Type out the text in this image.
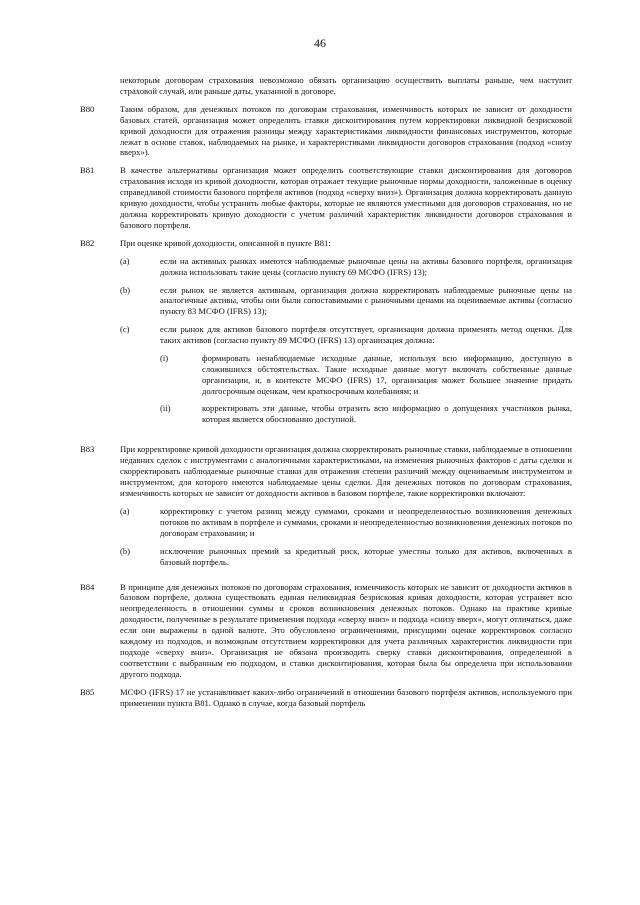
46
некоторым договорам страхования невозможно обязать организацию осуществить выплаты раньше, чем наступит страховой случай, или раньше даты, указанной в договоре.
B80	Таким образом, для денежных потоков по договорам страхования, изменчивость которых не зависит от доходности базовых статей, организация может определить ставки дисконтирования путем корректировки ликвидной безрисковой кривой доходности для отражения разницы между характеристиками ликвидности финансовых инструментов, которые лежат в основе ставок, наблюдаемых на рынке, и характеристиками ликвидности договоров страхования (подход «снизу вверх»).
B81	В качестве альтернативы организация может определить соответствующие ставки дисконтирования для договоров страхования исходя из кривой доходности, которая отражает текущие рыночные нормы доходности, заложенные в оценку справедливой стоимости базового портфеля активов (подход «сверху вниз»). Организация должна корректировать данную кривую доходности, чтобы устранить любые факторы, которые не являются уместными для договоров страхования, но не должна корректировать кривую доходности с учетом различий характеристик ликвидности договоров страхования и базового портфеля.
B82	При оценке кривой доходности, описанной в пункте B81:
(a)	если на активных рынках имеются наблюдаемые рыночные цены на активы базового портфеля, организация должна использовать такие цены (согласно пункту 69 МСФО (IFRS) 13);
(b)	если рынок не является активным, организация должна корректировать наблюдаемые рыночные цены на аналогичные активы, чтобы они были сопоставимыми с рыночными ценами на оцениваемые активы (согласно пункту 83 МСФО (IFRS) 13);
(c)	если рынок для активов базового портфеля отсутствует, организация должна применять метод оценки. Для таких активов (согласно пункту 89 МСФО (IFRS) 13) организация должна:
(i)	формировать ненаблюдаемые исходные данные, используя всю информацию, доступную в сложившихся обстоятельствах. Такие исходные данные могут включать собственные данные организации, и, в контексте МСФО (IFRS) 17, организация может большее значение придать долгосрочным оценкам, чем краткосрочным колебаниям; и
(ii)	корректировать эти данные, чтобы отразить всю информацию о допущениях участников рынка, которая является обоснованно доступной.
B83	При корректировке кривой доходности организация должна скорректировать рыночные ставки, наблюдаемые в отношении недавних сделок с инструментами с аналогичными характеристиками, на изменения рыночных факторов с даты сделки и скорректировать наблюдаемые рыночные ставки для отражения степени различий между оцениваемым инструментом и инструментом, для которого имеются наблюдаемые цены сделки. Для денежных потоков по договорам страхования, изменчивость которых не зависит от доходности активов в базовом портфеле, такие корректировки включают:
(a)	корректировку с учетом разниц между суммами, сроками и неопределенностью возникновения денежных потоков по активам в портфеле и суммами, сроками и неопределенностью возникновения денежных потоков по договорам страхования; и
(b)	исключение рыночных премий за кредитный риск, которые уместны только для активов, включенных в базовый портфель.
B84	В принципе для денежных потоков по договорам страхования, изменчивость которых не зависит от доходности активов в базовом портфеле, должна существовать единая неликвидная безрисковая кривая доходности, которая устраняет всю неопределенность в отношении суммы и сроков возникновения денежных потоков. Однако на практике кривые доходности, полученные в результате применения подхода «сверху вниз» и подхода «снизу вверх», могут отличаться, даже если они выражены в одной валюте. Это обусловлено ограничениями, присущими оценке корректировок согласно каждому из подходов, и возможным отсутствием корректировки для учета различных характеристик ликвидности при подходе «сверху вниз». Организация не обязана производить сверку ставки дисконтирования, определенной в соответствии с выбранным ею подходом, и ставки дисконтирования, которая была бы определена при использовании другого подхода.
B85	МСФО (IFRS) 17 не устанавливает каких-либо ограничений в отношении базового портфеля активов, используемого при применении пункта B81. Однако в случае, когда базовый портфель
